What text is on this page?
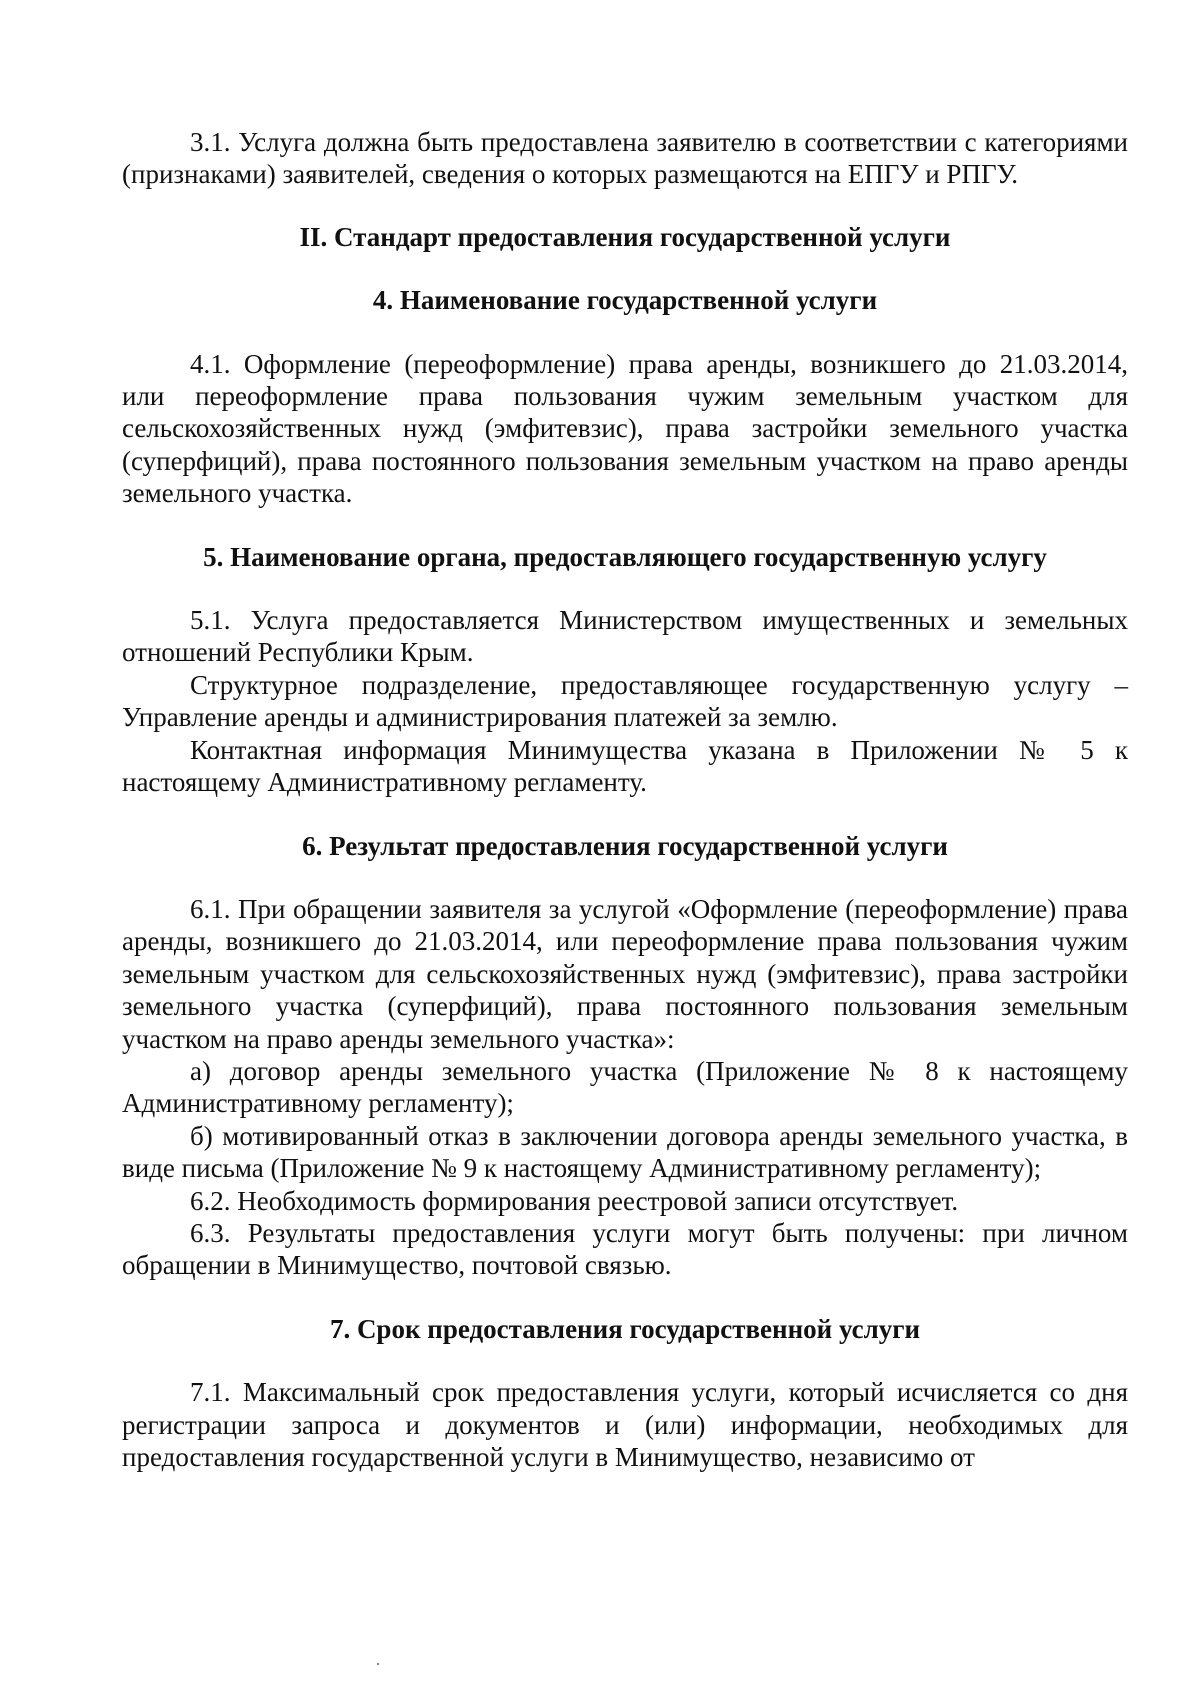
3.1. Услуга должна быть предоставлена заявителю в соответствии с категориями (признаками) заявителей, сведения о которых размещаются на ЕПГУ и РПГУ.

II. Стандарт предоставления государственной услуги

4. Наименование государственной услуги

4.1. Оформление (переоформление) права аренды, возникшего до 21.03.2014, или переоформление права пользования чужим земельным участком для сельскохозяйственных нужд (эмфитевзис), права застройки земельного участка (суперфиций), права постоянного пользования земельным участком на право аренды земельного участка.

5. Наименование органа, предоставляющего государственную услугу

5.1. Услуга предоставляется Министерством имущественных и земельных отношений Республики Крым.

Структурное подразделение, предоставляющее государственную услугу – Управление аренды и администрирования платежей за землю.

Контактная информация Минимущества указана в Приложении № 5 к настоящему Административному регламенту.

6. Результат предоставления государственной услуги

6.1. При обращении заявителя за услугой «Оформление (переоформление) права аренды, возникшего до 21.03.2014, или переоформление права пользования чужим земельным участком для сельскохозяйственных нужд (эмфитевзис), права застройки земельного участка (суперфиций), права постоянного пользования земельным участком на право аренды земельного участка»:

а) договор аренды земельного участка (Приложение № 8 к настоящему Административному регламенту);

б) мотивированный отказ в заключении договора аренды земельного участка, в виде письма (Приложение № 9 к настоящему Административному регламенту);

6.2. Необходимость формирования реестровой записи отсутствует.

6.3. Результаты предоставления услуги могут быть получены: при личном обращении в Минимущество, почтовой связью.

7. Срок предоставления государственной услуги

7.1. Максимальный срок предоставления услуги, который исчисляется со дня регистрации запроса и документов и (или) информации, необходимых для предоставления государственной услуги в Минимущество, независимо от
